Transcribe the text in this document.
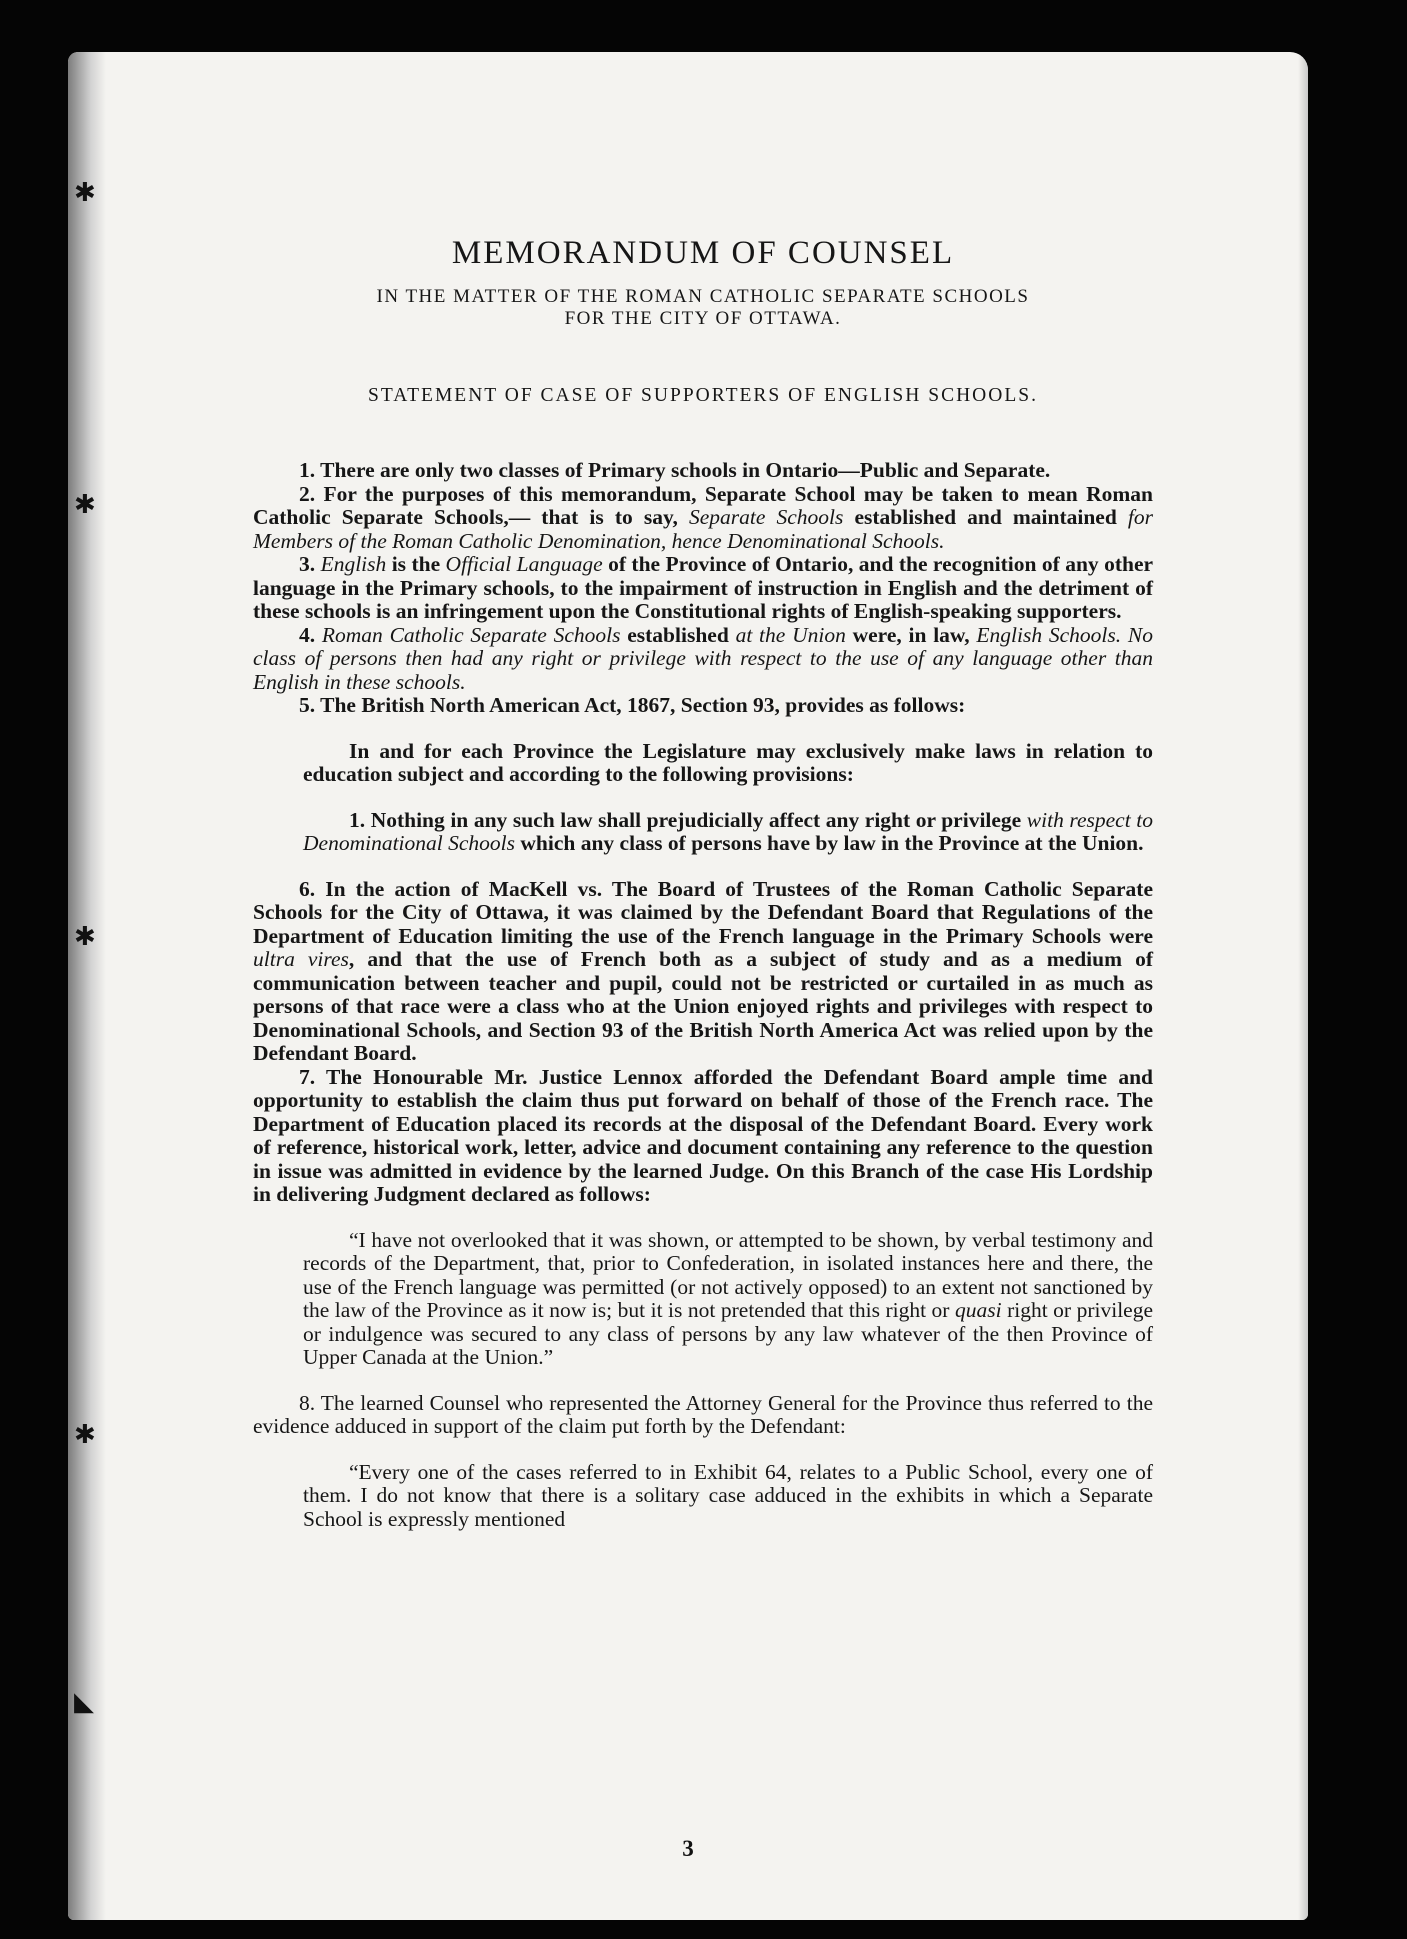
✱
✱
✱
✱
◣
MEMORANDUM OF COUNSEL
IN THE MATTER OF THE ROMAN CATHOLIC SEPARATE SCHOOLS
FOR THE CITY OF OTTAWA.
STATEMENT OF CASE OF SUPPORTERS OF ENGLISH SCHOOLS.

1. There are only two classes of Primary schools in Ontario—Public and Separate.

2. For the purposes of this memorandum, Separate School may be taken to mean Roman Catholic Separate Schools,— that is to say, Separate Schools established and maintained for Members of the Roman Catholic Denomination, hence Denominational Schools.

3. English is the Official Language of the Province of Ontario, and the recognition of any other language in the Primary schools, to the impairment of instruction in English and the detriment of these schools is an infringement upon the Constitutional rights of English-speaking supporters.

4. Roman Catholic Separate Schools established at the Union were, in law, English Schools. No class of persons then had any right or privilege with respect to the use of any language other than English in these schools.

5. The British North American Act, 1867, Section 93, provides as follows:

In and for each Province the Legislature may exclusively make laws in relation to education subject and according to the following provisions:

1. Nothing in any such law shall prejudicially affect any right or privilege with respect to Denominational Schools which any class of persons have by law in the Province at the Union.

6. In the action of MacKell vs. The Board of Trustees of the Roman Catholic Separate Schools for the City of Ottawa, it was claimed by the Defendant Board that Regulations of the Department of Education limiting the use of the French language in the Primary Schools were ultra vires, and that the use of French both as a subject of study and as a medium of communication between teacher and pupil, could not be restricted or curtailed in as much as persons of that race were a class who at the Union enjoyed rights and privileges with respect to Denominational Schools, and Section 93 of the British North America Act was relied upon by the Defendant Board.

7. The Honourable Mr. Justice Lennox afforded the Defendant Board ample time and opportunity to establish the claim thus put forward on behalf of those of the French race. The Department of Education placed its records at the disposal of the Defendant Board. Every work of reference, historical work, letter, advice and document containing any reference to the question in issue was admitted in evidence by the learned Judge. On this Branch of the case His Lordship in delivering Judgment declared as follows:

“I have not overlooked that it was shown, or attempted to be shown, by verbal testimony and records of the Department, that, prior to Confederation, in isolated instances here and there, the use of the French language was permitted (or not actively opposed) to an extent not sanctioned by the law of the Province as it now is; but it is not pretended that this right or quasi right or privilege or indulgence was secured to any class of persons by any law whatever of the then Province of Upper Canada at the Union.”

8. The learned Counsel who represented the Attorney General for the Province thus referred to the evidence adduced in support of the claim put forth by the Defendant:

“Every one of the cases referred to in Exhibit 64, relates to a Public School, every one of them. I do not know that there is a solitary case adduced in the exhibits in which a Separate School is expressly mentioned

3
